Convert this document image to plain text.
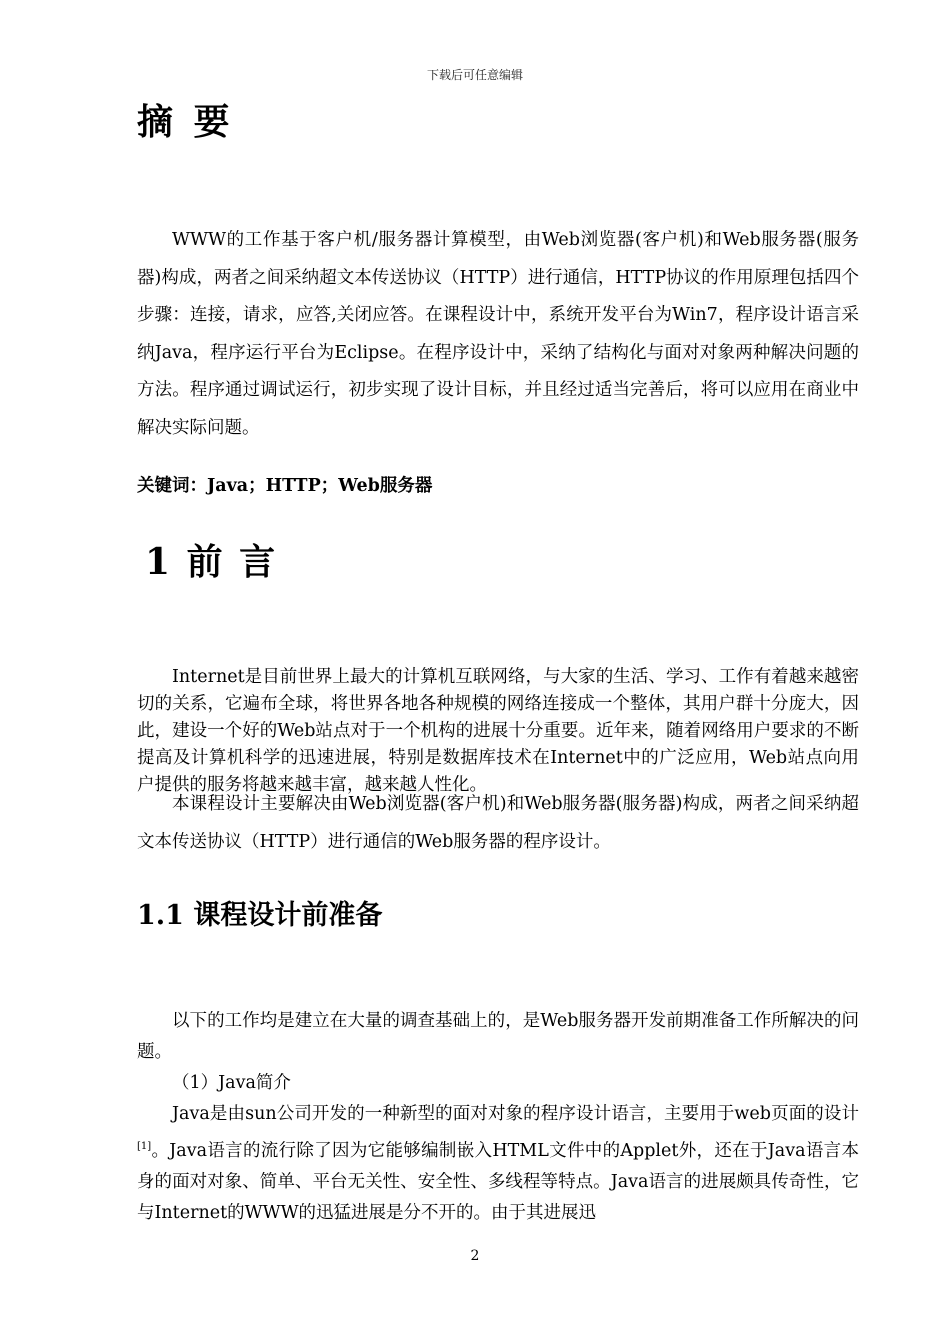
下载后可任意编辑
摘 要

WWW的工作基于客户机/服务器计算模型，由Web浏览器(客户机)和Web服务器(服务器)构成，两者之间采纳超文本传送协议（HTTP）进行通信，HTTP协议的作用原理包括四个步骤：连接，请求，应答,关闭应答。在课程设计中，系统开发平台为Win7，程序设计语言采纳Java，程序运行平台为Eclipse。在程序设计中，采纳了结构化与面对对象两种解决问题的方法。程序通过调试运行，初步实现了设计目标，并且经过适当完善后，将可以应用在商业中解决实际问题。

关键词：Java；HTTP；Web服务器
1 前 言

Internet是目前世界上最大的计算机互联网络，与大家的生活、学习、工作有着越来越密切的关系，它遍布全球，将世界各地各种规模的网络连接成一个整体，其用户群十分庞大，因此，建设一个好的Web站点对于一个机构的进展十分重要。近年来，随着网络用户要求的不断提高及计算机科学的迅速进展，特别是数据库技术在Internet中的广泛应用，Web站点向用户提供的服务将越来越丰富，越来越人性化。

本课程设计主要解决由Web浏览器(客户机)和Web服务器(服务器)构成，两者之间采纳超文本传送协议（HTTP）进行通信的Web服务器的程序设计。

1.1 课程设计前准备

以下的工作均是建立在大量的调查基础上的，是Web服务器开发前期准备工作所解决的问题。

（1）Java简介

Java是由sun公司开发的一种新型的面对对象的程序设计语言，主要用于web页面的设计[1]。Java语言的流行除了因为它能够编制嵌入HTML文件中的Applet外，还在于Java语言本身的面对对象、简单、平台无关性、安全性、多线程等特点。Java语言的进展颇具传奇性，它与Internet的WWW的迅猛进展是分不开的。由于其进展迅

2
